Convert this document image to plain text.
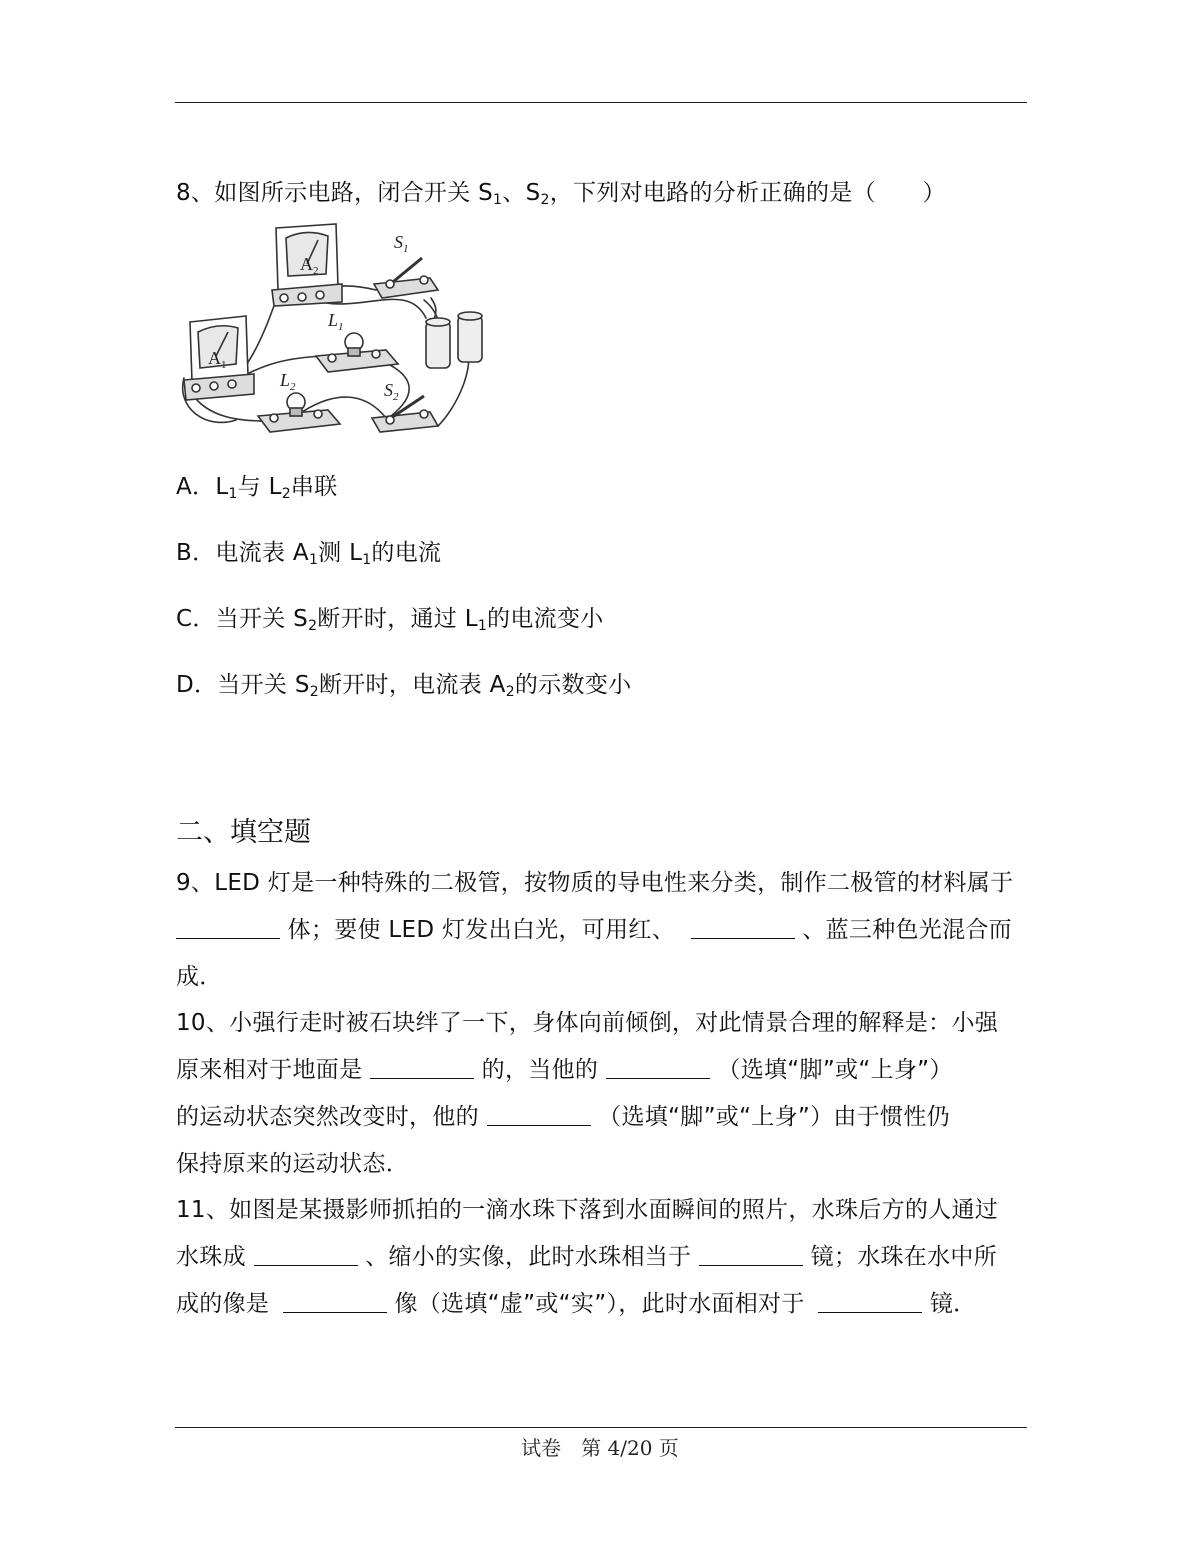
8、如图所示电路，闭合开关 $S_1$、$S_2$，下列对电路的分析正确的是（　　）
$S_1$
$A_2$
$L_1$
$A_1$
$L_2$	$S_2$
A．$L_1$与 $L_2$串联
B．电流表 $A_1$测 $L_1$的电流
C．当开关 $S_2$断开时，通过 $L_1$的电流变小
D．当开关 $S_2$断开时，电流表 $A_2$的示数变小
二、填空题
9、LED 灯是一种特殊的二极管，按物质的导电性来分类，制作二极管的材料属于
体；要使 LED 灯发出白光，可用红、	、蓝三种色光混合而
成．
10、小强行走时被石块绊了一下，身体向前倾倒，对此情景合理的解释是：小强
原来相对于地面是	的，当他的	（选填“脚”或“上身”）
的运动状态突然改变时，他的	（选填“脚”或“上身”）由于惯性仍
保持原来的运动状态．
11、如图是某摄影师抓拍的一滴水珠下落到水面瞬间的照片，水珠后方的人通过
水珠成	、缩小的实像，此时水珠相当于	镜；水珠在水中所
成的像是	像（选填“虚”或“实”），此时水面相对于	镜．
试卷　第 4/20 页
